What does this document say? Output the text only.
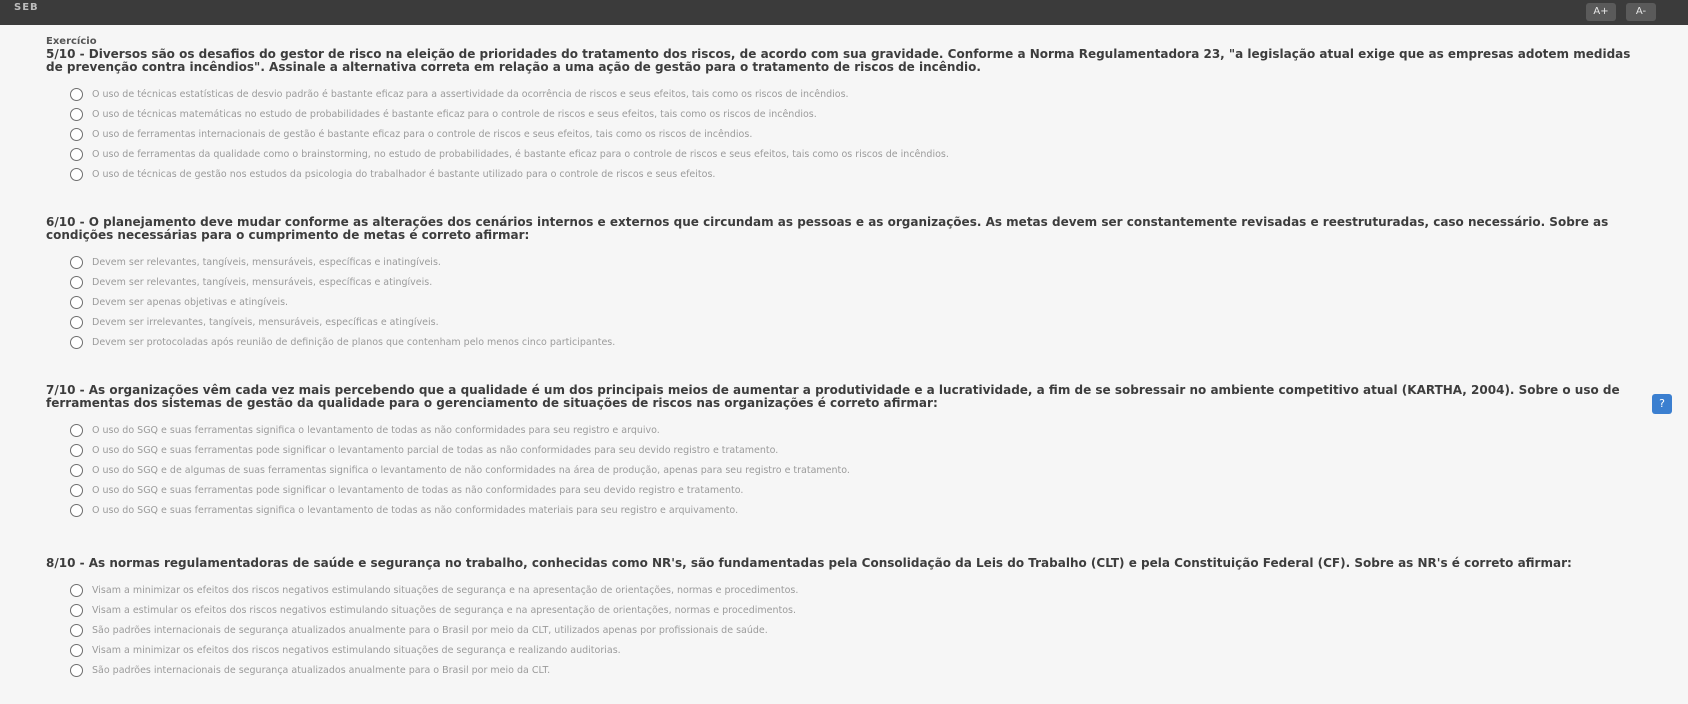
SEB	A+	A-
Exercício

5/10 - Diversos são os desafios do gestor de risco na eleição de prioridades do tratamento dos riscos, de acordo com sua gravidade. Conforme a Norma Regulamentadora 23, "a legislação atual exige que as empresas adotem medidas de prevenção contra incêndios". Assinale a alternativa correta em relação a uma ação de gestão para o tratamento de riscos de incêndio.

O uso de técnicas estatísticas de desvio padrão é bastante eficaz para a assertividade da ocorrência de riscos e seus efeitos, tais como os riscos de incêndios.
O uso de técnicas matemáticas no estudo de probabilidades é bastante eficaz para o controle de riscos e seus efeitos, tais como os riscos de incêndios.
O uso de ferramentas internacionais de gestão é bastante eficaz para o controle de riscos e seus efeitos, tais como os riscos de incêndios.
O uso de ferramentas da qualidade como o brainstorming, no estudo de probabilidades, é bastante eficaz para o controle de riscos e seus efeitos, tais como os riscos de incêndios.
O uso de técnicas de gestão nos estudos da psicologia do trabalhador é bastante utilizado para o controle de riscos e seus efeitos.

6/10 - O planejamento deve mudar conforme as alterações dos cenários internos e externos que circundam as pessoas e as organizações. As metas devem ser constantemente revisadas e reestruturadas, caso necessário. Sobre as condições necessárias para o cumprimento de metas é correto afirmar:

Devem ser relevantes, tangíveis, mensuráveis, específicas e inatingíveis.
Devem ser relevantes, tangíveis, mensuráveis, específicas e atingíveis.
Devem ser apenas objetivas e atingíveis.
Devem ser irrelevantes, tangíveis, mensuráveis, específicas e atingíveis.
Devem ser protocoladas após reunião de definição de planos que contenham pelo menos cinco participantes.

7/10 - As organizações vêm cada vez mais percebendo que a qualidade é um dos principais meios de aumentar a produtividade e a lucratividade, a fim de se sobressair no ambiente competitivo atual (KARTHA, 2004). Sobre o uso de ferramentas dos sistemas de gestão da qualidade para o gerenciamento de situações de riscos nas organizações é correto afirmar:

O uso do SGQ e suas ferramentas significa o levantamento de todas as não conformidades para seu registro e arquivo.
O uso do SGQ e suas ferramentas pode significar o levantamento parcial de todas as não conformidades para seu devido registro e tratamento.
O uso do SGQ e de algumas de suas ferramentas significa o levantamento de não conformidades na área de produção, apenas para seu registro e tratamento.
O uso do SGQ e suas ferramentas pode significar o levantamento de todas as não conformidades para seu devido registro e tratamento.
O uso do SGQ e suas ferramentas significa o levantamento de todas as não conformidades materiais para seu registro e arquivamento.

8/10 - As normas regulamentadoras de saúde e segurança no trabalho, conhecidas como NR's, são fundamentadas pela Consolidação da Leis do Trabalho (CLT) e pela Constituição Federal (CF). Sobre as NR's é correto afirmar:

Visam a minimizar os efeitos dos riscos negativos estimulando situações de segurança e na apresentação de orientações, normas e procedimentos.
Visam a estimular os efeitos dos riscos negativos estimulando situações de segurança e na apresentação de orientações, normas e procedimentos.
São padrões internacionais de segurança atualizados anualmente para o Brasil por meio da CLT, utilizados apenas por profissionais de saúde.
Visam a minimizar os efeitos dos riscos negativos estimulando situações de segurança e realizando auditorias.
São padrões internacionais de segurança atualizados anualmente para o Brasil por meio da CLT.
?
